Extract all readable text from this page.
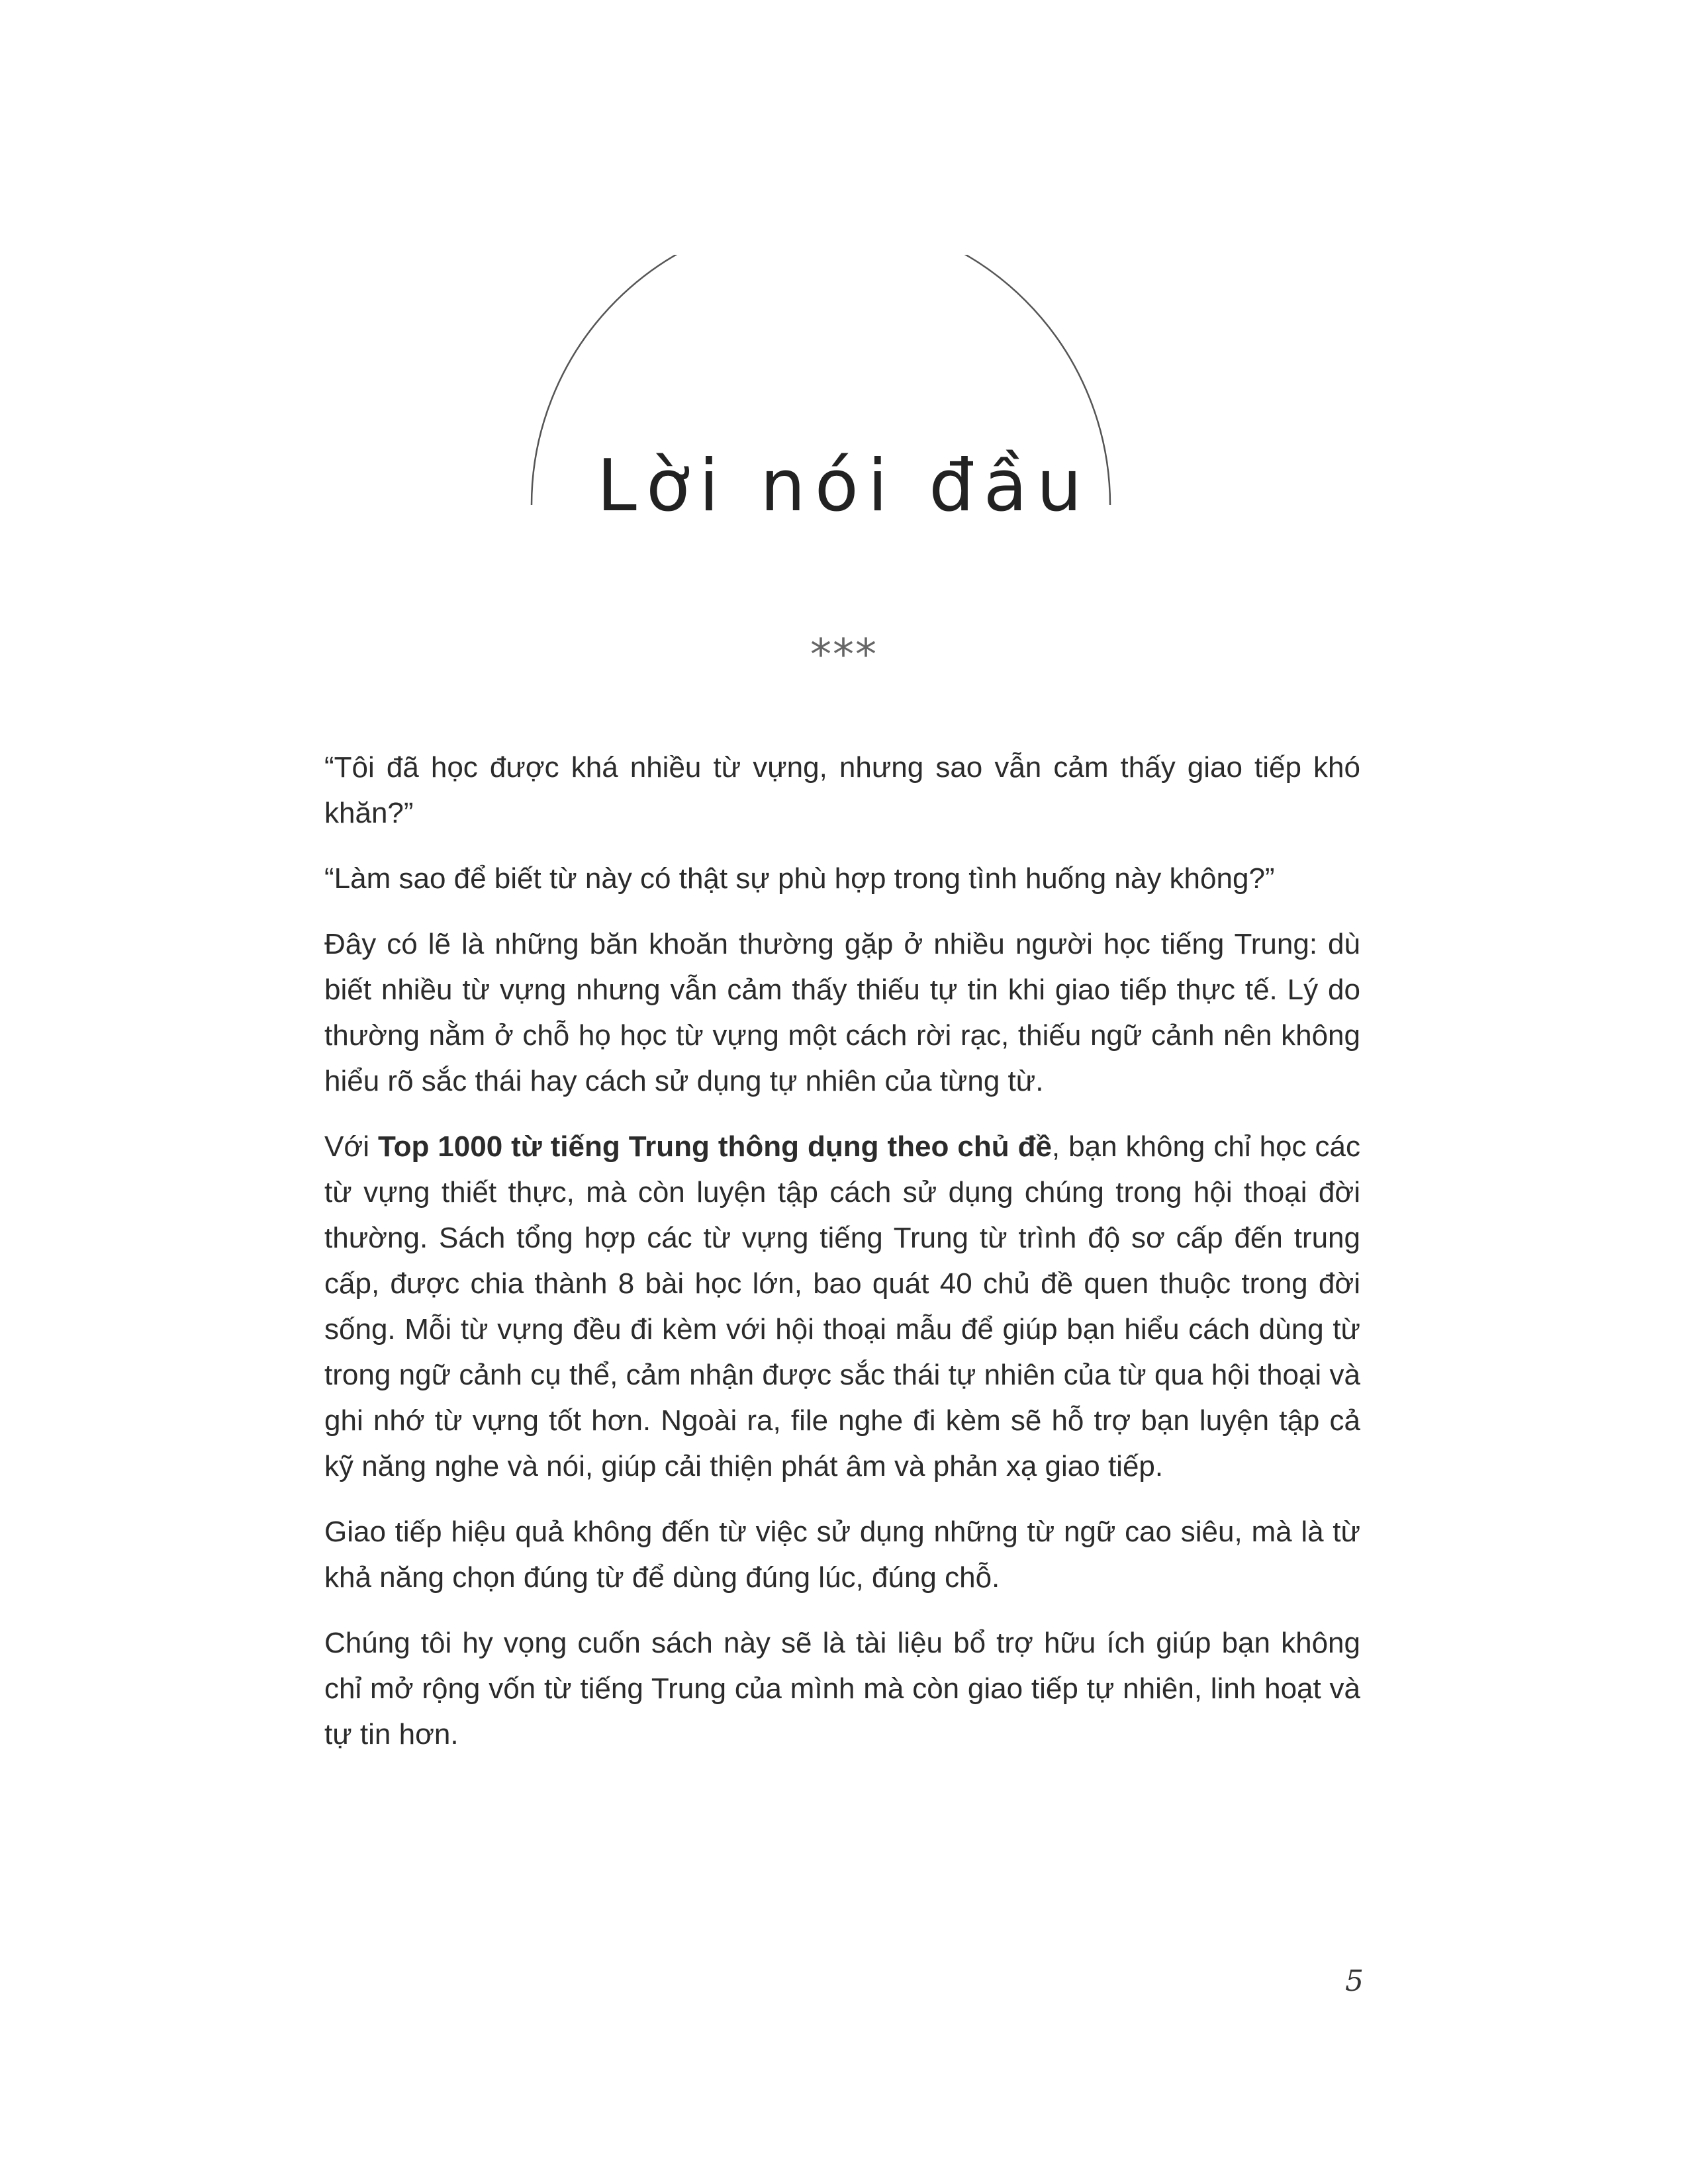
Lời nói đầu
***

“Tôi đã học được khá nhiều từ vựng, nhưng sao vẫn cảm thấy giao tiếp khó khăn?”

“Làm sao để biết từ này có thật sự phù hợp trong tình huống này không?”

Đây có lẽ là những băn khoăn thường gặp ở nhiều người học tiếng Trung: dù biết nhiều từ vựng nhưng vẫn cảm thấy thiếu tự tin khi giao tiếp thực tế. Lý do thường nằm ở chỗ họ học từ vựng một cách rời rạc, thiếu ngữ cảnh nên không hiểu rõ sắc thái hay cách sử dụng tự nhiên của từng từ.

Với Top 1000 từ tiếng Trung thông dụng theo chủ đề, bạn không chỉ học các từ vựng thiết thực, mà còn luyện tập cách sử dụng chúng trong hội thoại đời thường. Sách tổng hợp các từ vựng tiếng Trung từ trình độ sơ cấp đến trung cấp, được chia thành 8 bài học lớn, bao quát 40 chủ đề quen thuộc trong đời sống. Mỗi từ vựng đều đi kèm với hội thoại mẫu để giúp bạn hiểu cách dùng từ trong ngữ cảnh cụ thể, cảm nhận được sắc thái tự nhiên của từ qua hội thoại và ghi nhớ từ vựng tốt hơn. Ngoài ra, file nghe đi kèm sẽ hỗ trợ bạn luyện tập cả kỹ năng nghe và nói, giúp cải thiện phát âm và phản xạ giao tiếp.

Giao tiếp hiệu quả không đến từ việc sử dụng những từ ngữ cao siêu, mà là từ khả năng chọn đúng từ để dùng đúng lúc, đúng chỗ.

Chúng tôi hy vọng cuốn sách này sẽ là tài liệu bổ trợ hữu ích giúp bạn không chỉ mở rộng vốn từ tiếng Trung của mình mà còn giao tiếp tự nhiên, linh hoạt và tự tin hơn.

5
